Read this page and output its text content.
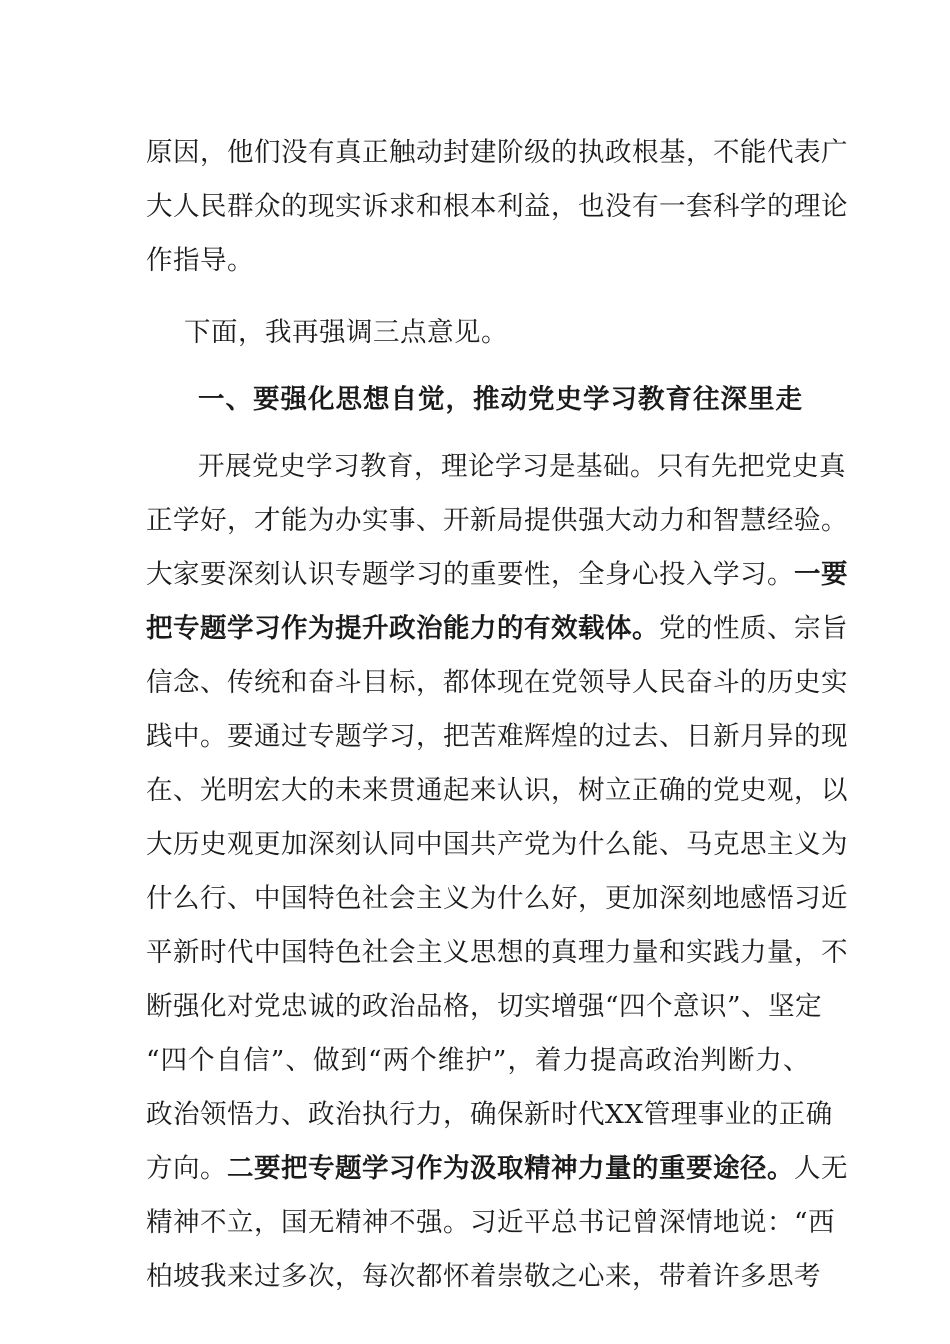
原因，他们没有真正触动封建阶级的执政根基，不能代表广
大人民群众的现实诉求和根本利益，也没有一套科学的理论
作指导。
下面，我再强调三点意见。
一、要强化思想自觉，推动党史学习教育往深里走
开展党史学习教育，理论学习是基础。只有先把党史真
正学好，才能为办实事、开新局提供强大动力和智慧经验。
大家要深刻认识专题学习的重要性，全身心投入学习。一要
把专题学习作为提升政治能力的有效载体。党的性质、宗旨
信念、传统和奋斗目标，都体现在党领导人民奋斗的历史实
践中。要通过专题学习，把苦难辉煌的过去、日新月异的现
在、光明宏大的未来贯通起来认识，树立正确的党史观，以
大历史观更加深刻认同中国共产党为什么能、马克思主义为
什么行、中国特色社会主义为什么好，更加深刻地感悟习近
平新时代中国特色社会主义思想的真理力量和实践力量，不
断强化对党忠诚的政治品格，切实增强“四个意识”、坚定
“四个自信”、做到“两个维护”，着力提高政治判断力、
政治领悟力、政治执行力，确保新时代XX管理事业的正确
方向。二要把专题学习作为汲取精神力量的重要途径。人无
精神不立，国无精神不强。习近平总书记曾深情地说：“西
柏坡我来过多次，每次都怀着崇敬之心来，带着许多思考
